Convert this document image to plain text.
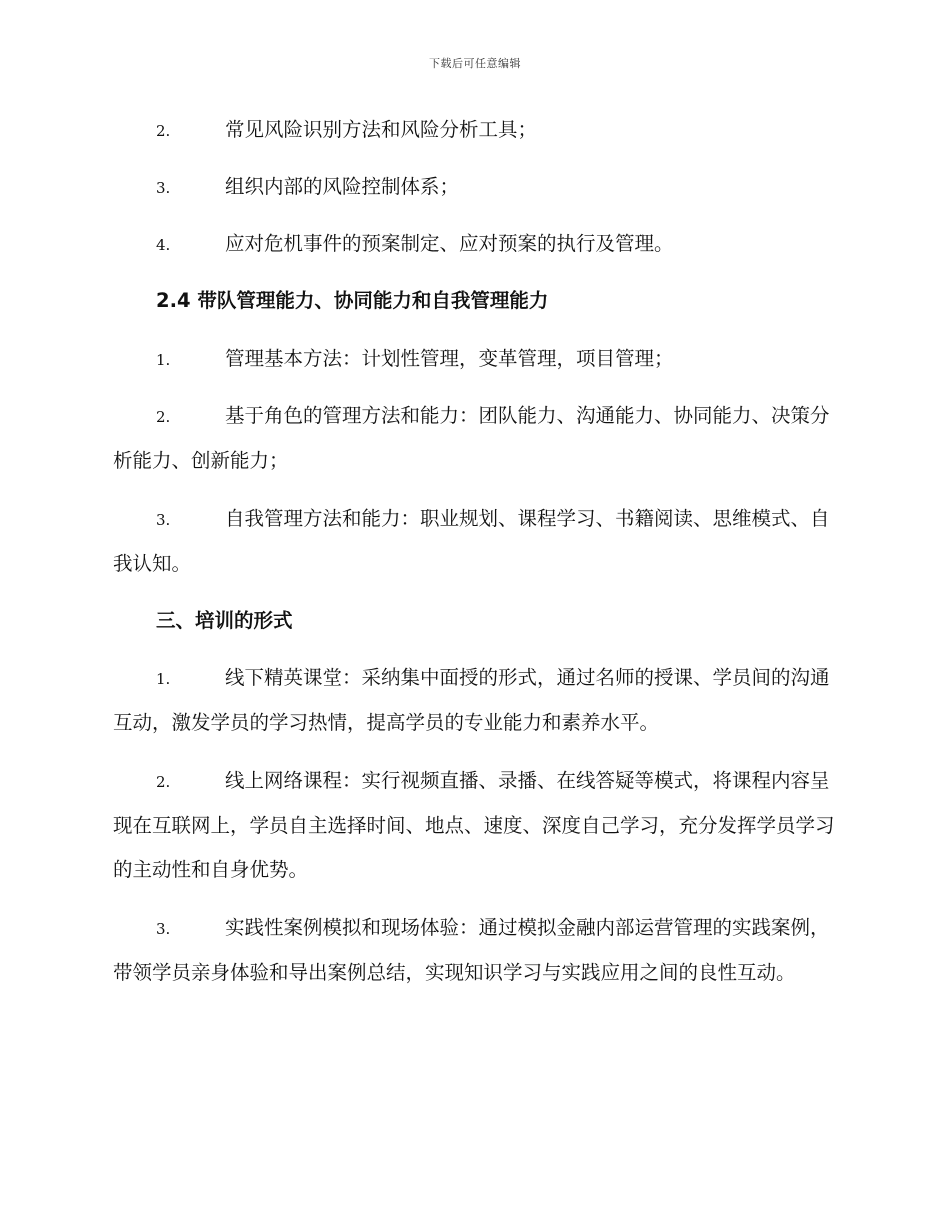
下载后可任意编辑
2.	常见风险识别方法和风险分析工具；
3.	组织内部的风险控制体系；
4.	应对危机事件的预案制定、应对预案的执行及管理。
2.4 带队管理能力、协同能力和自我管理能力
1.	管理基本方法：计划性管理，变革管理，项目管理；
2.	基于角色的管理方法和能力：团队能力、沟通能力、协同能力、决策分析能力、创新能力；
3.	自我管理方法和能力：职业规划、课程学习、书籍阅读、思维模式、自我认知。
三、培训的形式
1.	线下精英课堂：采纳集中面授的形式，通过名师的授课、学员间的沟通互动，激发学员的学习热情，提高学员的专业能力和素养水平。
2.	线上网络课程：实行视频直播、录播、在线答疑等模式，将课程内容呈现在互联网上，学员自主选择时间、地点、速度、深度自己学习，充分发挥学员学习的主动性和自身优势。
3.	实践性案例模拟和现场体验：通过模拟金融内部运营管理的实践案例，带领学员亲身体验和导出案例总结，实现知识学习与实践应用之间的良性互动。
